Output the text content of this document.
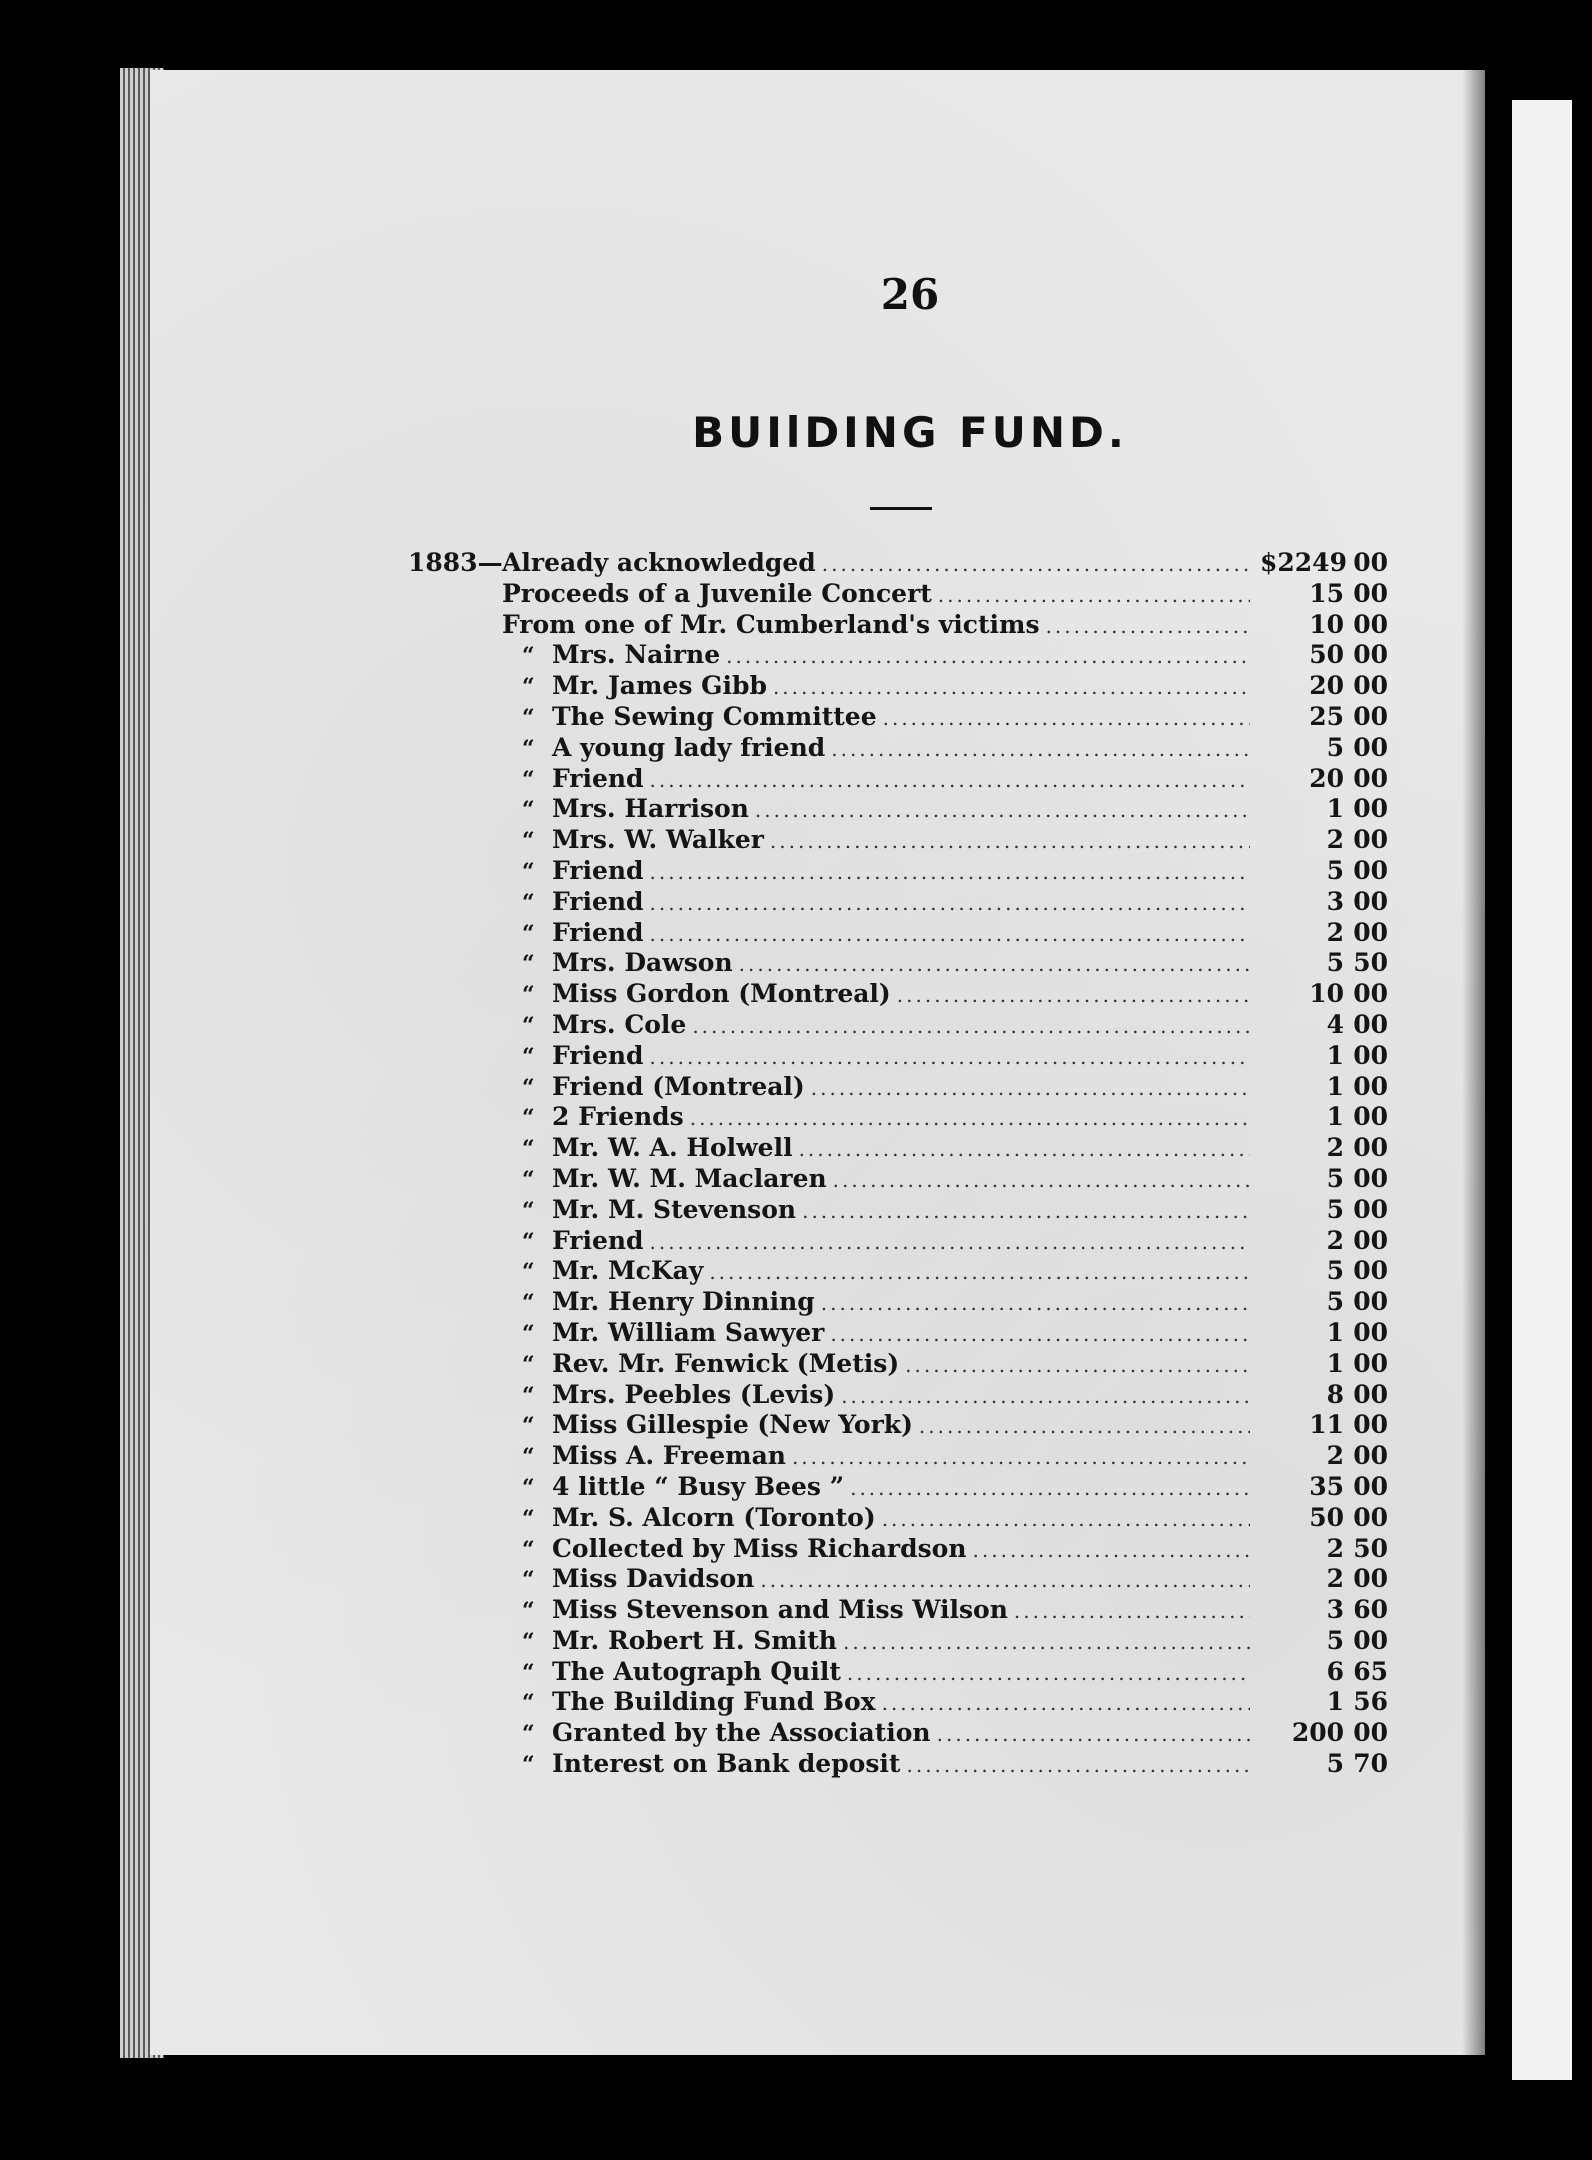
26
BUIlDING FUND.
1883— Already acknowledged .....	$2249 00
Proceeds of a Juvenile Concert .....	15 00
From one of Mr. Cumberland's victims .....	10 00
“ Mrs. Nairne .....	50 00
“ Mr. James Gibb .....	20 00
“ The Sewing Committee .....	25 00
“ A young lady friend .....	5 00
“ Friend .....	20 00
“ Mrs. Harrison .....	1 00
“ Mrs. W. Walker .....	2 00
“ Friend .....	5 00
“ Friend .....	3 00
“ Friend .....	2 00
“ Mrs. Dawson .....	5 50
“ Miss Gordon (Montreal) .....	10 00
“ Mrs. Cole .....	4 00
“ Friend .....	1 00
“ Friend (Montreal) .....	1 00
“ 2 Friends .....	1 00
“ Mr. W. A. Holwell .....	2 00
“ Mr. W. M. Maclaren .....	5 00
“ Mr. M. Stevenson .....	5 00
“ Friend .....	2 00
“ Mr. McKay .....	5 00
“ Mr. Henry Dinning .....	5 00
“ Mr. William Sawyer .....	1 00
“ Rev. Mr. Fenwick (Metis) .....	1 00
“ Mrs. Peebles (Levis) .....	8 00
“ Miss Gillespie (New York) .....	11 00
“ Miss A. Freeman .....	2 00
“ 4 little “ Busy Bees ” .....	35 00
“ Mr. S. Alcorn (Toronto) .....	50 00
“ Collected by Miss Richardson .....	2 50
“ Miss Davidson .....	2 00
“ Miss Stevenson and Miss Wilson .....	3 60
“ Mr. Robert H. Smith .....	5 00
“ The Autograph Quilt .....	6 65
“ The Building Fund Box .....	1 56
“ Granted by the Association .....	200 00
“ Interest on Bank deposit .....	5 70
